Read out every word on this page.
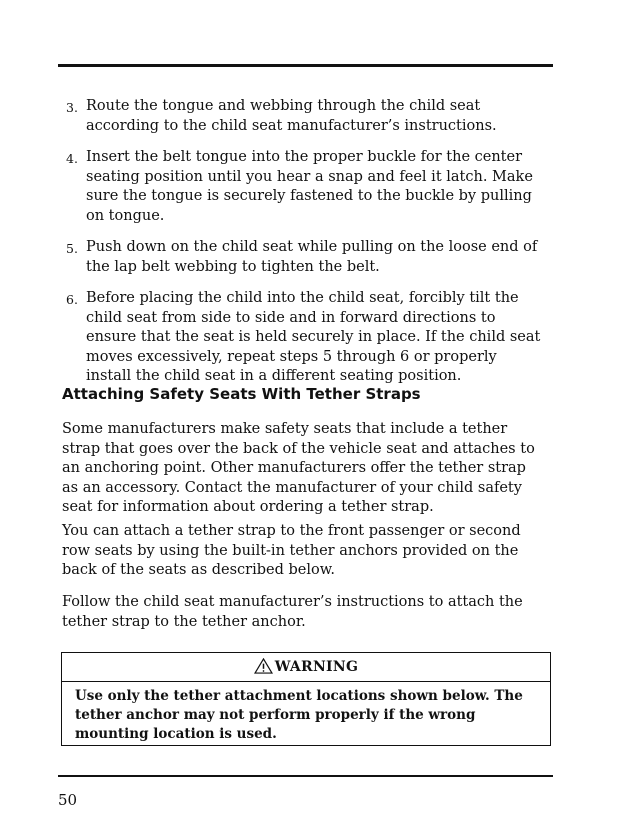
3. Route the tongue and webbing through the child seat according to the child seat manufacturer’s instructions.
4. Insert the belt tongue into the proper buckle for the center seating position until you hear a snap and feel it latch. Make sure the tongue is securely fastened to the buckle by pulling on tongue.
5. Push down on the child seat while pulling on the loose end of the lap belt webbing to tighten the belt.
6. Before placing the child into the child seat, forcibly tilt the child seat from side to side and in forward directions to ensure that the seat is held securely in place. If the child seat moves excessively, repeat steps 5 through 6 or properly install the child seat in a different seating position.
Attaching Safety Seats With Tether Straps

Some manufacturers make safety seats that include a tether strap that goes over the back of the vehicle seat and attaches to an anchoring point. Other manufacturers offer the tether strap as an accessory. Contact the manufacturer of your child safety seat for information about ordering a tether strap.

You can attach a tether strap to the front passenger or second row seats by using the built-in tether anchors provided on the back of the seats as described below.

Follow the child seat manufacturer’s instructions to attach the tether strap to the tether anchor.

WARNING

Use only the tether attachment locations shown below. The tether anchor may not perform properly if the wrong mounting location is used.

50
